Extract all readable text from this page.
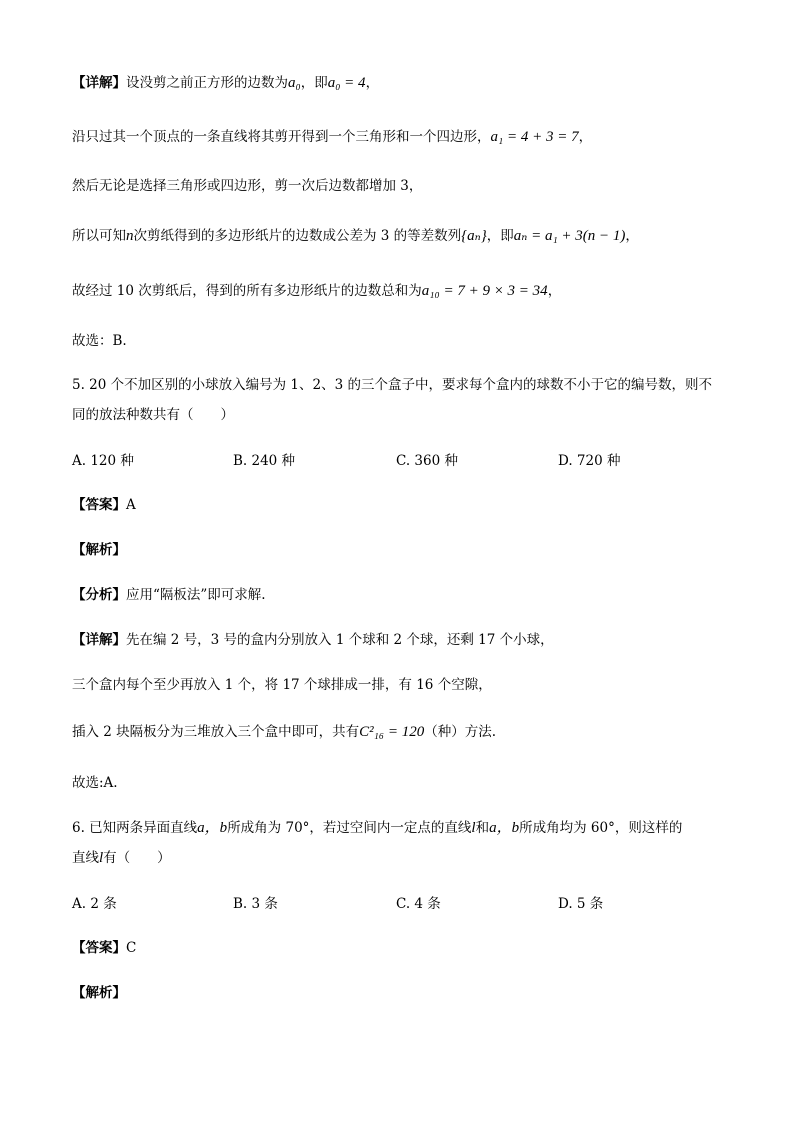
【详解】设没剪之前正方形的边数为a₀，即a₀ = 4，
沿只过其一个顶点的一条直线将其剪开得到一个三角形和一个四边形，a₁ = 4 + 3 = 7，
然后无论是选择三角形或四边形，剪一次后边数都增加 3，
所以可知n次剪纸得到的多边形纸片的边数成公差为 3 的等差数列{aₙ}，即aₙ = a₁ + 3(n − 1)，
故经过 10 次剪纸后，得到的所有多边形纸片的边数总和为a₁₀ = 7 + 9 × 3 = 34，
故选：B.
5. 20 个不加区别的小球放入编号为 1、2、3 的三个盒子中，要求每个盒内的球数不小于它的编号数，则不
同的放法种数共有（　　）
A. 120 种	B. 240 种	C. 360 种	D. 720 种
【答案】A
【解析】
【分析】应用“隔板法”即可求解.
【详解】先在编 2 号，3 号的盒内分别放入 1 个球和 2 个球，还剩 17 个小球，
三个盒内每个至少再放入 1 个，将 17 个球排成一排，有 16 个空隙，
插入 2 块隔板分为三堆放入三个盒中即可，共有C²₁₆ = 120（种）方法.
故选:A.
6. 已知两条异面直线a，b所成角为 70°，若过空间内一定点的直线l和a，b所成角均为 60°，则这样的
直线l有（　　）
A. 2 条	B. 3 条	C. 4 条	D. 5 条
【答案】C
【解析】
